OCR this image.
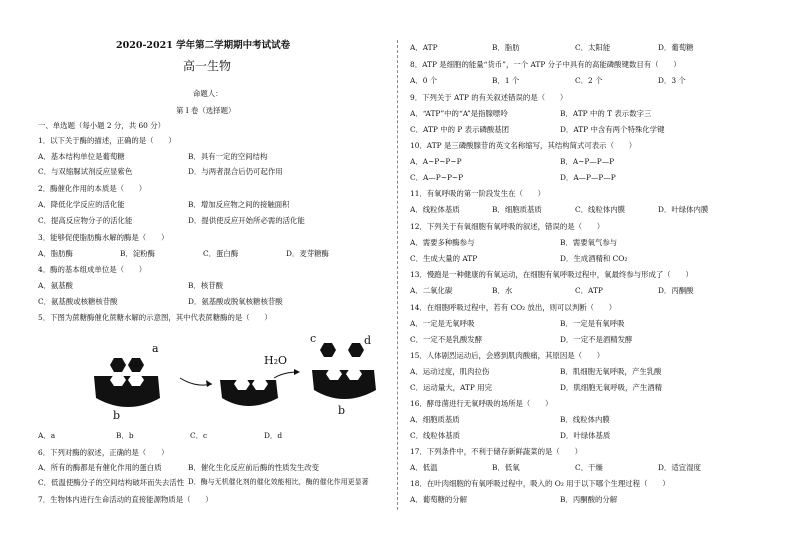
2020-2021 学年第二学期期中考试试卷
高一生物
命题人：
第 I 卷（选择题）
一、单选题（每小题 2 分，共 60 分）
1．以下关于酶的描述，正确的是（　　）
A．基本结构单位是葡萄糖	B．具有一定的空间结构
C．与双缩脲试剂反应显紫色	D．与两者混合后仍可起作用
2．酶催化作用的本质是（　　）
A．降低化学反应的活化能	B．增加反应物之间的接触面积
C．提高反应物分子的活化能	D．提供使反应开始所必需的活化能
3．能够促使脂肪酶水解的酶是（　　）
A．脂肪酶	B．淀粉酶	C．蛋白酶	D．麦芽糖酶
4．酶的基本组成单位是（　　）
A．氨基酸	B．核苷酸
C．氨基酸或核糖核苷酸	D．氨基酸或脱氧核糖核苷酸
5．下图为蔗糖酶催化蔗糖水解的示意图，其中代表蔗糖酶的是（　　）
a
b
H₂O
c	d
b
A．a	B．b	C．c	D．d
6．下列对酶的叙述，正确的是（　　）
A．所有的酶都是有催化作用的蛋白质	B．催化生化反应前后酶的性质发生改变
C．低温使酶分子的空间结构破坏而失去活性 D．酶与无机催化剂的催化效能相比，酶的催化作用更显著
7．生物体内进行生命活动的直接能源物质是（　　）
A．ATP	B．脂肪	C．太阳能	D．葡萄糖
8．ATP 是细胞的能量“货币”，一个 ATP 分子中具有的高能磷酸键数目有（　　）
A．0 个	B．1 个	C．2 个	D．3 个
9．下列关于 ATP 的有关叙述错误的是（　　）
A．“ATP”中的“A”是指腺嘌呤	B．ATP 中的 T 表示数字三
C．ATP 中的 P 表示磷酸基团	D．ATP 中含有两个特殊化学键
10．ATP 是三磷酸腺苷的英文名称缩写，其结构简式可表示（　　）
A．A~P~P~P	B．A~P—P—P
C．A—P~P~P	D．A—P—P—P
11．有氧呼吸的第一阶段发生在（　　）
A．线粒体基质	B．细胞质基质	C．线粒体内膜	D．叶绿体内膜
12．下列关于有氧细胞有氧呼吸的叙述，错误的是（　　）
A．需要多种酶参与	B．需要氧气参与
C．生成大量的 ATP	D．生成酒精和 CO₂
13．慢跑是一种健康的有氧运动，在细胞有氧呼吸过程中，氧最终参与形成了（　　）
A．二氧化碳	B．水	C．ATP	D．丙酮酸
14．在细胞呼吸过程中，若有 CO₂ 放出，则可以判断（　　）
A．一定是无氧呼吸	B．一定是有氧呼吸
C．一定不是乳酸发酵	D．一定不是酒精发酵
15．人体剧烈运动后，会感到肌肉酸痛，其原因是（　　）
A．运动过度，肌肉拉伤	B．肌细胞无氧呼吸，产生乳酸
C．运动量大，ATP 用完	D．肌细胞无氧呼吸，产生酒精
16．酵母菌进行无氧呼吸的场所是（　　）
A．细胞质基质	B．线粒体内膜
C．线粒体基质	D．叶绿体基质
17．下列条件中，不利于储存新鲜蔬菜的是（　　）
A．低温	B．低氧	C．干燥	D．适宜湿度
18．在叶肉细胞的有氧呼吸过程中，吸入的 O₂ 用于以下哪个生理过程（　　）
A．葡萄糖的分解	B．丙酮酸的分解
